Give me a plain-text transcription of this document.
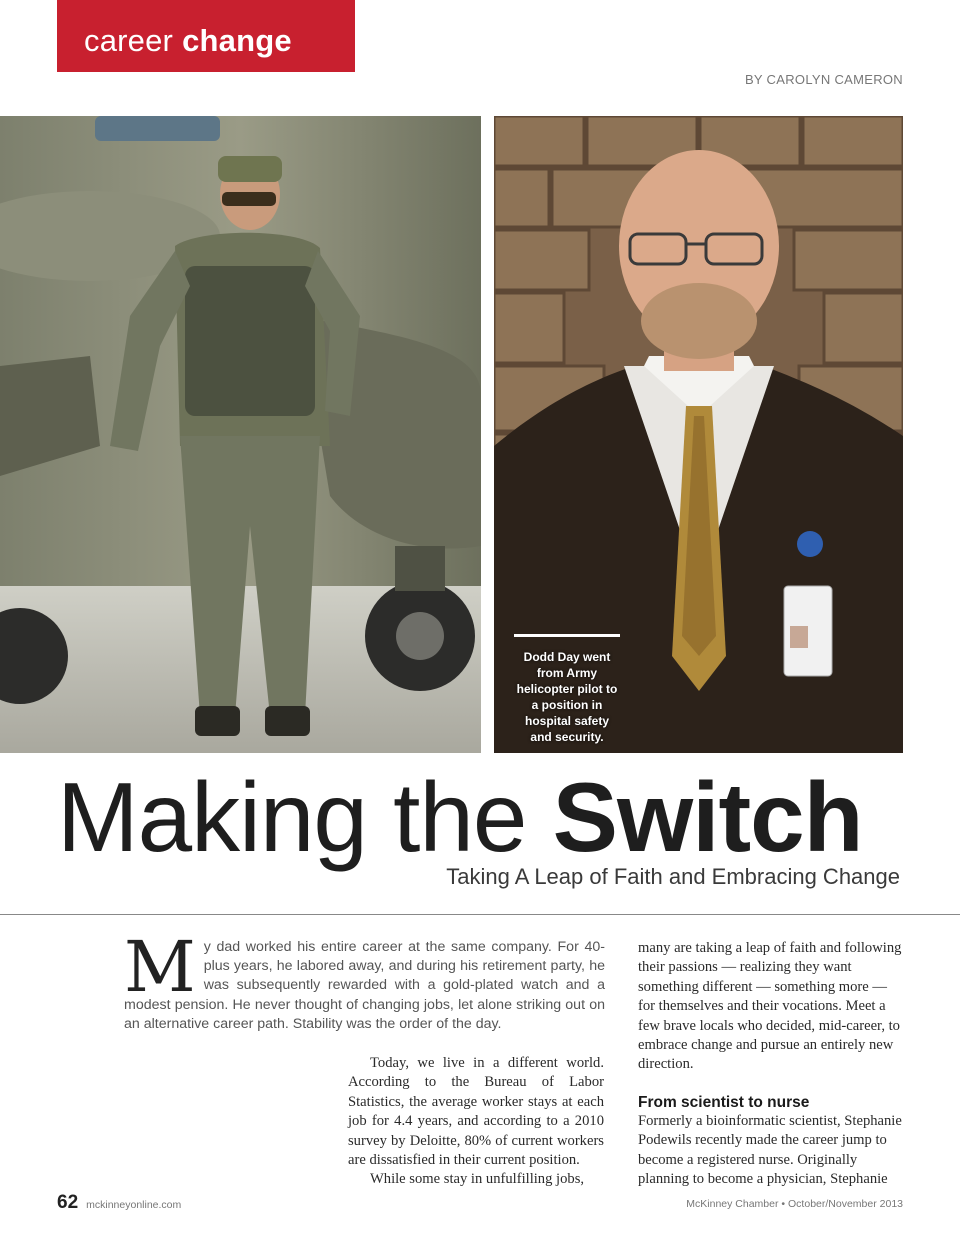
career change
BY CAROLYN CAMERON
Dodd Day went from Army helicopter pilot to a position in hospital safety and security.
Making the Switch
Taking A Leap of Faith and Embracing Change
M y dad worked his entire career at the same company. For 40-plus years, he labored away, and during his retirement party, he was subsequently rewarded with a gold-plated watch and a modest pension. He never thought of changing jobs, let alone striking out on an alternative career path. Stability was the order of the day.

Today, we live in a different world. According to the Bureau of Labor Statistics, the average worker stays at each job for 4.4 years, and according to a 2010 survey by Deloitte, 80% of current workers are dissatisfied in their current position.

While some stay in unfulfilling jobs,

many are taking a leap of faith and following their passions — realizing they want something different — something more — for themselves and their vocations. Meet a few brave locals who decided, mid-career, to embrace change and pursue an entirely new direction.

From scientist to nurse

Formerly a bioinformatic scientist, Stephanie Podewils recently made the career jump to become a registered nurse. Originally planning to become a physician, Stephanie

62 mckinneyonline.com	McKinney Chamber • October/November 2013
